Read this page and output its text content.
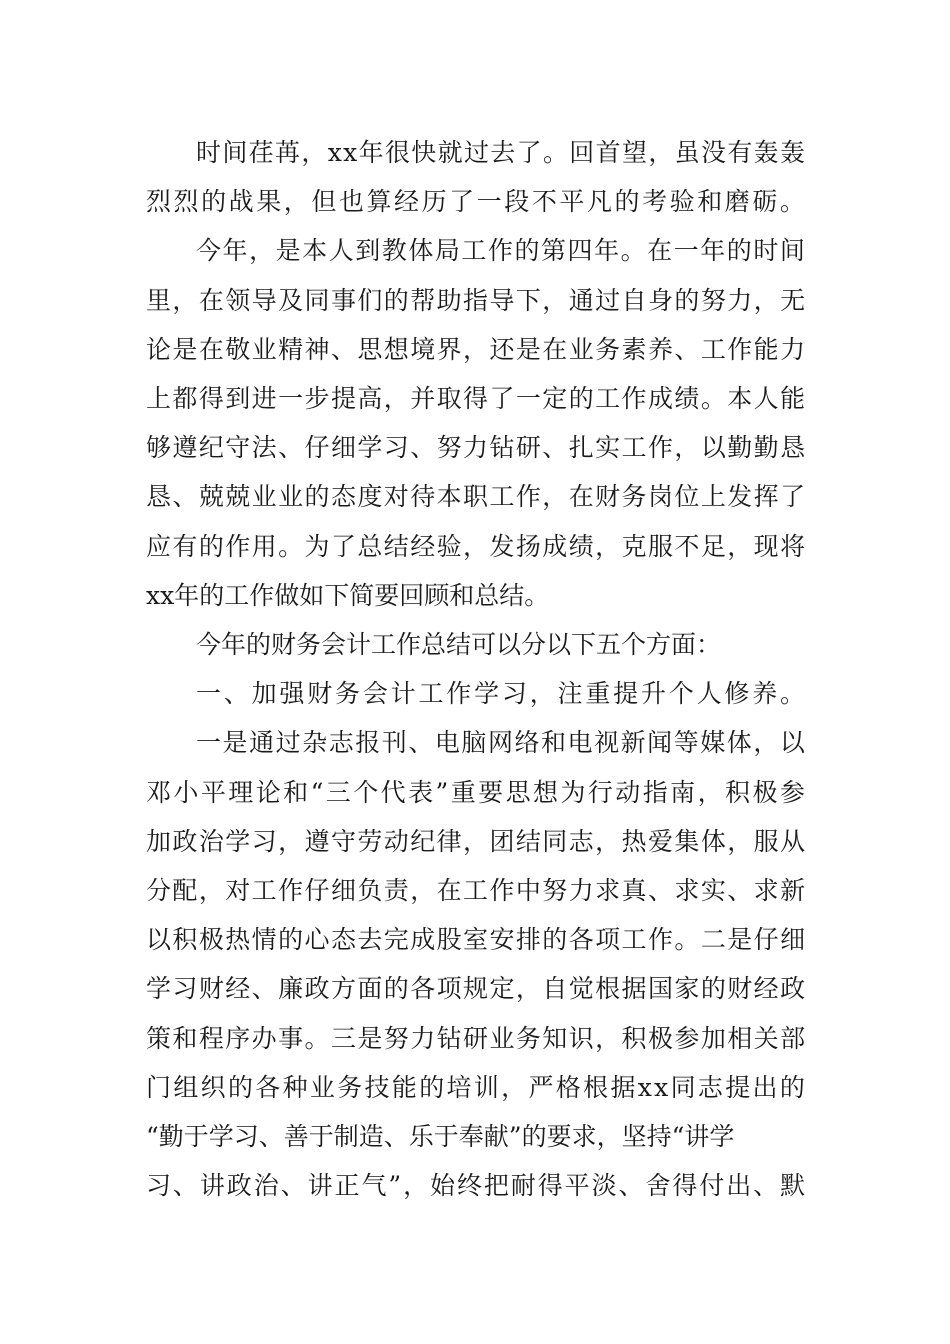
时间荏苒，xx年很快就过去了。回首望，虽没有轰轰
烈烈的战果，但也算经历了一段不平凡的考验和磨砺。
今年，是本人到教体局工作的第四年。在一年的时间
里，在领导及同事们的帮助指导下，通过自身的努力，无
论是在敬业精神、思想境界，还是在业务素养、工作能力
上都得到进一步提高，并取得了一定的工作成绩。本人能
够遵纪守法、仔细学习、努力钻研、扎实工作，以勤勤恳
恳、兢兢业业的态度对待本职工作，在财务岗位上发挥了
应有的作用。为了总结经验，发扬成绩，克服不足，现将
xx年的工作做如下简要回顾和总结。
今年的财务会计工作总结可以分以下五个方面：
一、加强财务会计工作学习，注重提升个人修养。
一是通过杂志报刊、电脑网络和电视新闻等媒体，以
邓小平理论和“三个代表”重要思想为行动指南，积极参
加政治学习，遵守劳动纪律，团结同志，热爱集体，服从
分配，对工作仔细负责，在工作中努力求真、求实、求新
以积极热情的心态去完成股室安排的各项工作。二是仔细
学习财经、廉政方面的各项规定，自觉根据国家的财经政
策和程序办事。三是努力钻研业务知识，积极参加相关部
门组织的各种业务技能的培训，严格根据xx同志提出的
“勤于学习、善于制造、乐于奉献”的要求，坚持“讲学
习、讲政治、讲正气”，始终把耐得平淡、舍得付出、默
